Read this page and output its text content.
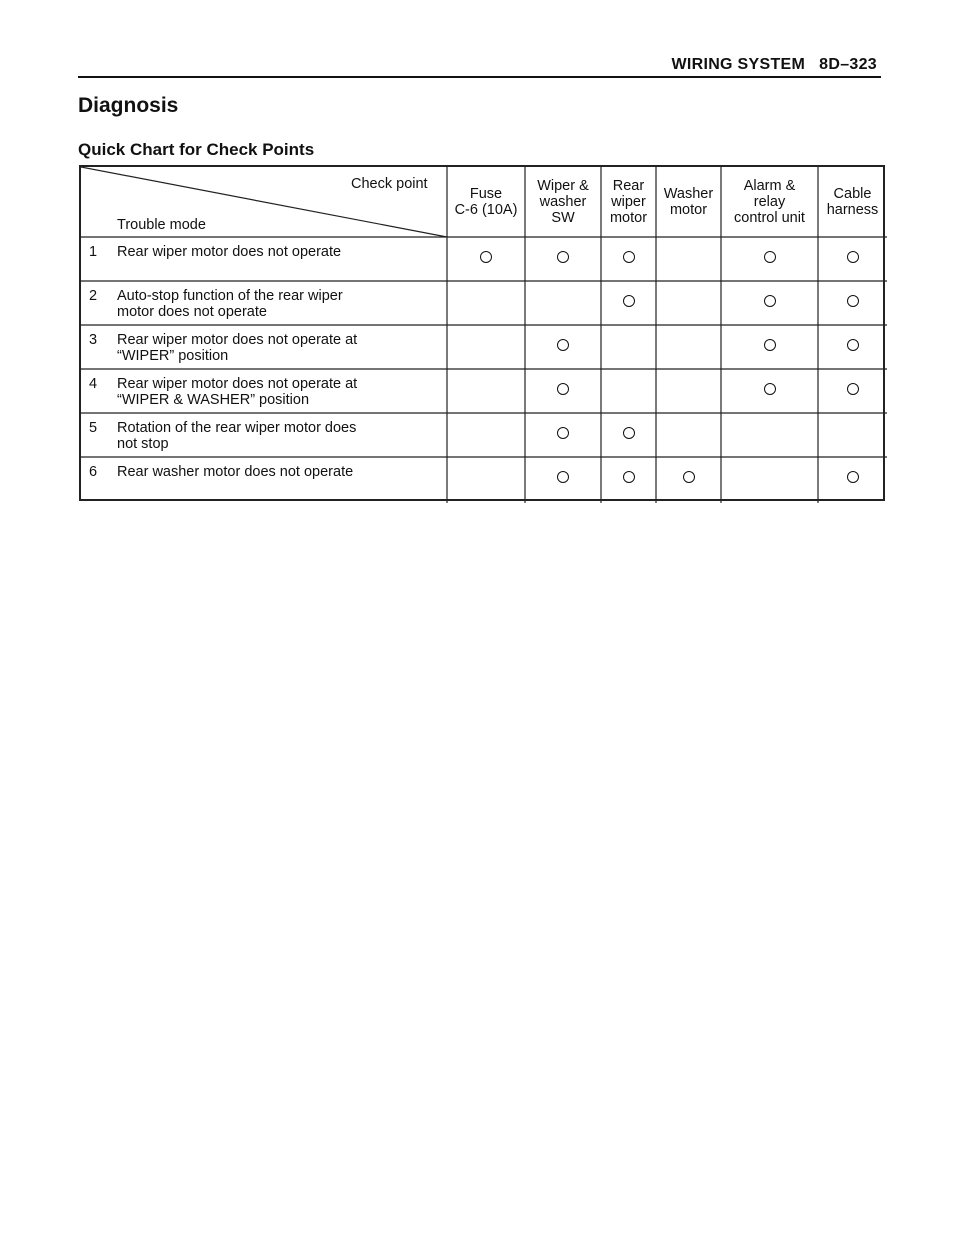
WIRING SYSTEM 8D–323
Diagnosis
Quick Chart for Check Points
Check point
Trouble mode
Fuse
C-6 (10A)
Wiper &
washer
SW
Rear
wiper
motor
Washer
motor
Alarm &
relay
control unit
Cable
harness
1 Rear wiper motor does not operate
2 Auto-stop function of the rear wiper
motor does not operate
3 Rear wiper motor does not operate at
“WIPER” position
4 Rear wiper motor does not operate at
“WIPER & WASHER” position
5 Rotation of the rear wiper motor does
not stop
6 Rear washer motor does not operate
